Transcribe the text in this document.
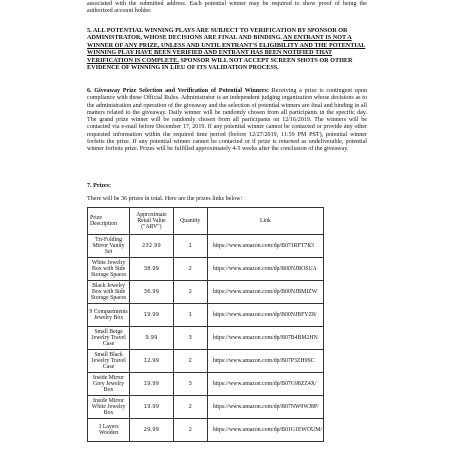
associated with the submitted address. Each potential winner may be required to show proof of being the authorized account holder.

5. ALL POTENTIAL WINNING PLAYS ARE SUBJECT TO VERIFICATION BY SPONSOR OR ADMINISTRATOR, WHOSE DECISIONS ARE FINAL AND BINDING. AN ENTRANT IS NOT A WINNER OF ANY PRIZE, UNLESS AND UNTIL ENTRANT'S ELIGIBILITY AND THE POTENTIAL WINNING PLAY HAVE BEEN VERIFIED AND ENTRANT HAS BEEN NOTIFIED THAT VERIFICATION IS COMPLETE. SPONSOR WILL NOT ACCEPT SCREEN SHOTS OR OTHER EVIDENCE OF WINNING IN LIEU OF ITS VALIDATION PROCESS.

6. Giveaway Prize Selection and Verification of Potential Winners: Receiving a prize is contingent upon compliance with these Official Rules. Administrator is an independent judging organization whose decisions as to the administration and operation of the giveaway and the selection of potential winners are final and binding in all matters related to the giveaway. Daily winner will be randomly chosen from all participants in the specific day. The grand prize winner will be randomly chosen from all participants on 12/16/2019. The winners will be contacted via e-mail before December 17, 2019. If any potential winner cannot be contacted or provide any other requested information within the required time period (before 12/27/2019, 11:59 PM PST), potential winner forfeits the prize. If any potential winner cannot be contacted or if prize is returned as undeliverable, potential winner forfeits prize. Prizes will be fulfilled approximately 4-5 weeks after the conclusion of the giveaway.

7. Prizes:

There will be 36 prizes in total. Here are the prizes links below:

Prize Description	Approximate Retail Value ("ARV")	Quantity	Link
Tri-Folding Mirror Vanity Set	232.99	1	https://www.amazon.com/dp/B071RFT7R3
White Jewelry Box with Side Storage Spaces	38.99	2	https://www.amazon.com/dp/B00NJBOSUA
Black Jewelry Box with Side Storage Spaces	36.99	2	https://www.amazon.com/dp/B00NJBMIZW
9 Compartments Jewelry Box	19.99	1	https://www.amazon.com/dp/B00NJBFYZ8/
Small Beige Jewelry Travel Case	9.99	3	https://www.amazon.com/dp/B07B4BM2HN
Small Black Jewelry Travel Case	12.99	2	https://www.amazon.com/dp/B07P3ZH9SC
Inside Mirror Grey Jewelry Box	19.99	3	https://www.amazon.com/dp/B07G98ZZ4X/
Inside Mirror White Jewelry Box	19.99	2	https://www.amazon.com/dp/B07NW9WJ8P/
3 Layers Wooden	29.99	2	https://www.amazon.com/dp/B01G1EWOUM/
